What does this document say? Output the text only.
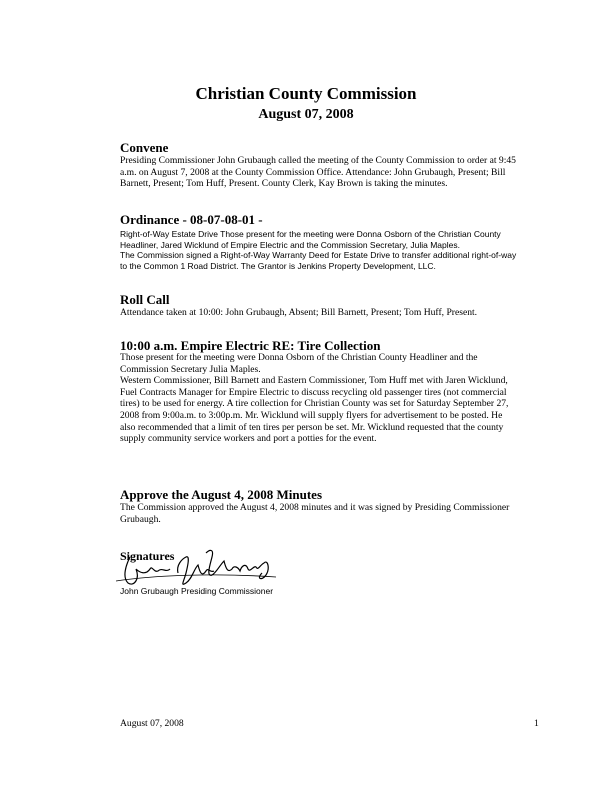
Christian County Commission
August 07, 2008
Convene

Presiding Commissioner John Grubaugh called the meeting of the County Commission to order at 9:45 a.m. on August 7, 2008 at the County Commission Office. Attendance: John Grubaugh, Present; Bill Barnett, Present; Tom Huff, Present. County Clerk, Kay Brown is taking the minutes.

Ordinance - 08-07-08-01 -

Right-of-Way Estate Drive Those present for the meeting were Donna Osborn of the Christian County Headliner, Jared Wicklund of Empire Electric and the Commission Secretary, Julia Maples.

The Commission signed a Right-of-Way Warranty Deed for Estate Drive to transfer additional right-of-way to the Common 1 Road District. The Grantor is Jenkins Property Development, LLC.

Roll Call

Attendance taken at 10:00: John Grubaugh, Absent; Bill Barnett, Present; Tom Huff, Present.

10:00 a.m. Empire Electric RE: Tire Collection

Those present for the meeting were Donna Osborn of the Christian County Headliner and the Commission Secretary Julia Maples.

Western Commissioner, Bill Barnett and Eastern Commissioner, Tom Huff met with Jaren Wicklund, Fuel Contracts Manager for Empire Electric to discuss recycling old passenger tires (not commercial tires) to be used for energy. A tire collection for Christian County was set for Saturday September 27, 2008 from 9:00a.m. to 3:00p.m. Mr. Wicklund will supply flyers for advertisement to be posted. He also recommended that a limit of ten tires per person be set. Mr. Wicklund requested that the county supply community service workers and port a potties for the event.

Approve the August 4, 2008 Minutes

The Commission approved the August 4, 2008 minutes and it was signed by Presiding Commissioner Grubaugh.

Signatures
John Grubaugh Presiding Commissioner
August 07, 2008	1
